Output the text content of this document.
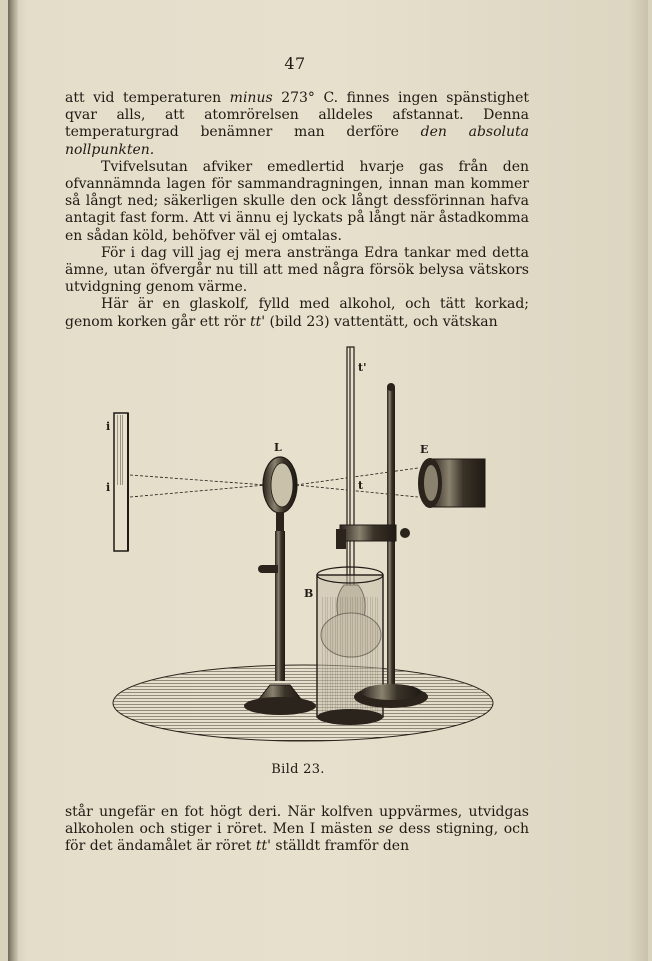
47

att vid temperaturen minus 273° C. finnes ingen spänstighet qvar alls, att atomrörelsen alldeles afstannat. Denna temperaturgrad benämner man derföre den absoluta nollpunkten.

Tvifvelsutan afviker emedlertid hvarje gas från den ofvannämnda lagen för sammandragningen, innan man kommer så långt ned; säkerligen skulle den ock långt dessförinnan hafva antagit fast form. Att vi ännu ej lyckats på långt när åstadkomma en sådan köld, behöfver väl ej omtalas.

För i dag vill jag ej mera anstränga Edra tankar med detta ämne, utan öfvergår nu till att med några försök belysa vätskors utvidgning genom värme.

Här är en glaskolf, fylld med alkohol, och tätt korkad; genom korken går ett rör tt' (bild 23) vattentätt, och vätskan

i
i
L	E
B
t'
t
Bild 23.

står ungefär en fot högt deri. När kolfven uppvärmes, utvidgas alkoholen och stiger i röret. Men I mästen se dess stigning, och för det ändamålet är röret tt' ställdt framför den
